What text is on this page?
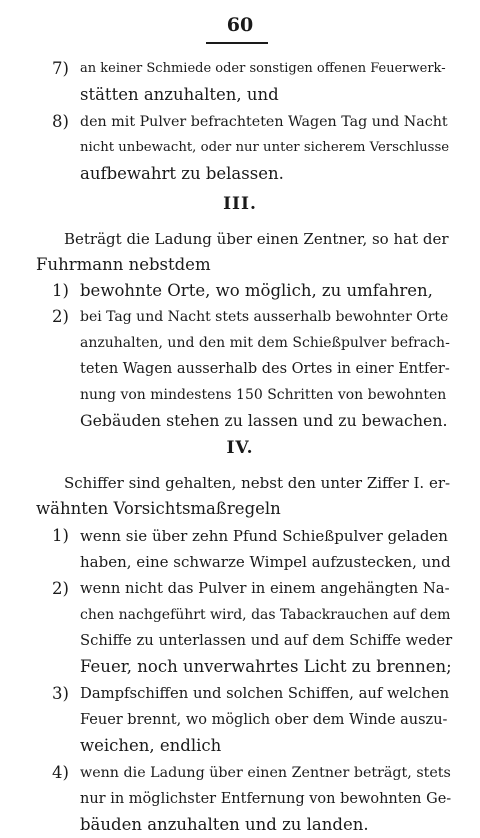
60
7) an keiner Schmiede oder sonstigen offenen Feuerwerk-
stätten anzuhalten, und
8) den mit Pulver befrachteten Wagen Tag und Nacht
nicht unbewacht, oder nur unter sicherem Verschlusse
aufbewahrt zu belassen.
III.
Beträgt die Ladung über einen Zentner, so hat der
Fuhrmann nebstdem
1) bewohnte Orte, wo möglich, zu umfahren,
2) bei Tag und Nacht stets ausserhalb bewohnter Orte
anzuhalten, und den mit dem Schießpulver befrach-
teten Wagen ausserhalb des Ortes in einer Entfer-
nung von mindestens 150 Schritten von bewohnten
Gebäuden stehen zu lassen und zu bewachen.
IV.
Schiffer sind gehalten, nebst den unter Ziffer I. er-
wähnten Vorsichtsmaßregeln
1) wenn sie über zehn Pfund Schießpulver geladen
haben, eine schwarze Wimpel aufzustecken, und
2) wenn nicht das Pulver in einem angehängten Na-
chen nachgeführt wird, das Tabackrauchen auf dem
Schiffe zu unterlassen und auf dem Schiffe weder
Feuer, noch unverwahrtes Licht zu brennen;
3) Dampfschiffen und solchen Schiffen, auf welchen
Feuer brennt, wo möglich ober dem Winde auszu-
weichen, endlich
4) wenn die Ladung über einen Zentner beträgt, stets
nur in möglichster Entfernung von bewohnten Ge-
bäuden anzuhalten und zu landen.
